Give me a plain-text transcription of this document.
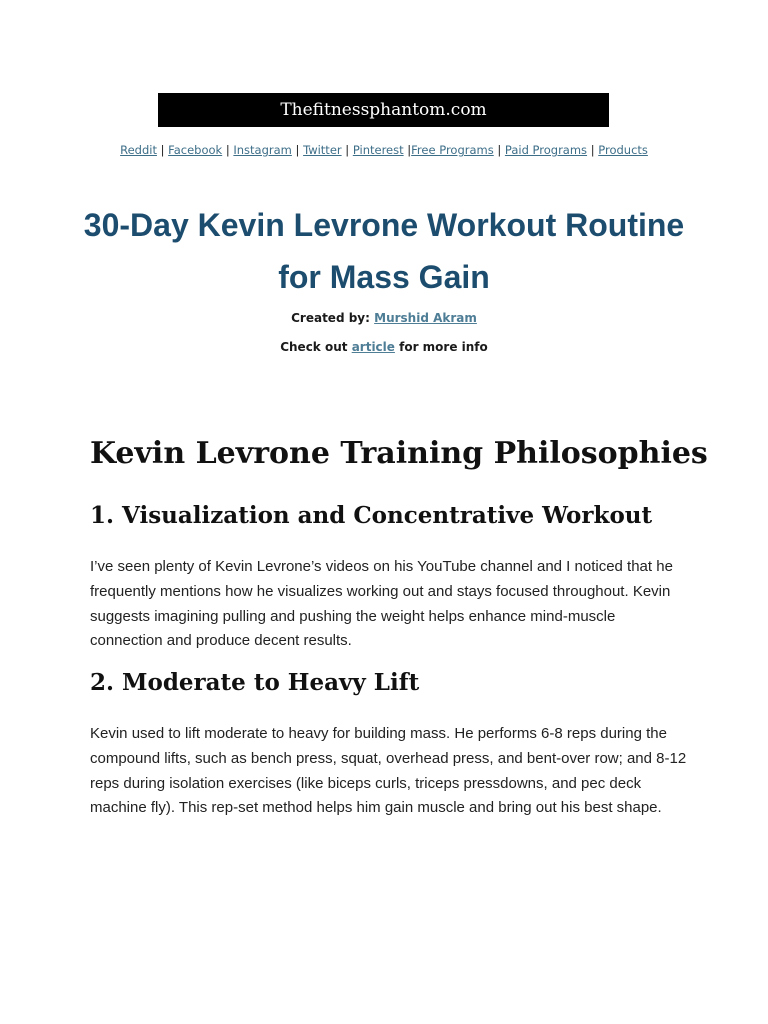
Thefitnessphantom.com
Reddit | Facebook | Instagram | Twitter | Pinterest |Free Programs | Paid Programs | Products
30-Day Kevin Levrone Workout Routine for Mass Gain
Created by: Murshid Akram
Check out article for more info
Kevin Levrone Training Philosophies
1. Visualization and Concentrative Workout

I’ve seen plenty of Kevin Levrone’s videos on his YouTube channel and I noticed that he frequently mentions how he visualizes working out and stays focused throughout. Kevin suggests imagining pulling and pushing the weight helps enhance mind-muscle connection and produce decent results.

2. Moderate to Heavy Lift

Kevin used to lift moderate to heavy for building mass. He performs 6-8 reps during the compound lifts, such as bench press, squat, overhead press, and bent-over row; and 8-12 reps during isolation exercises (like biceps curls, triceps pressdowns, and pec deck machine fly). This rep-set method helps him gain muscle and bring out his best shape.
